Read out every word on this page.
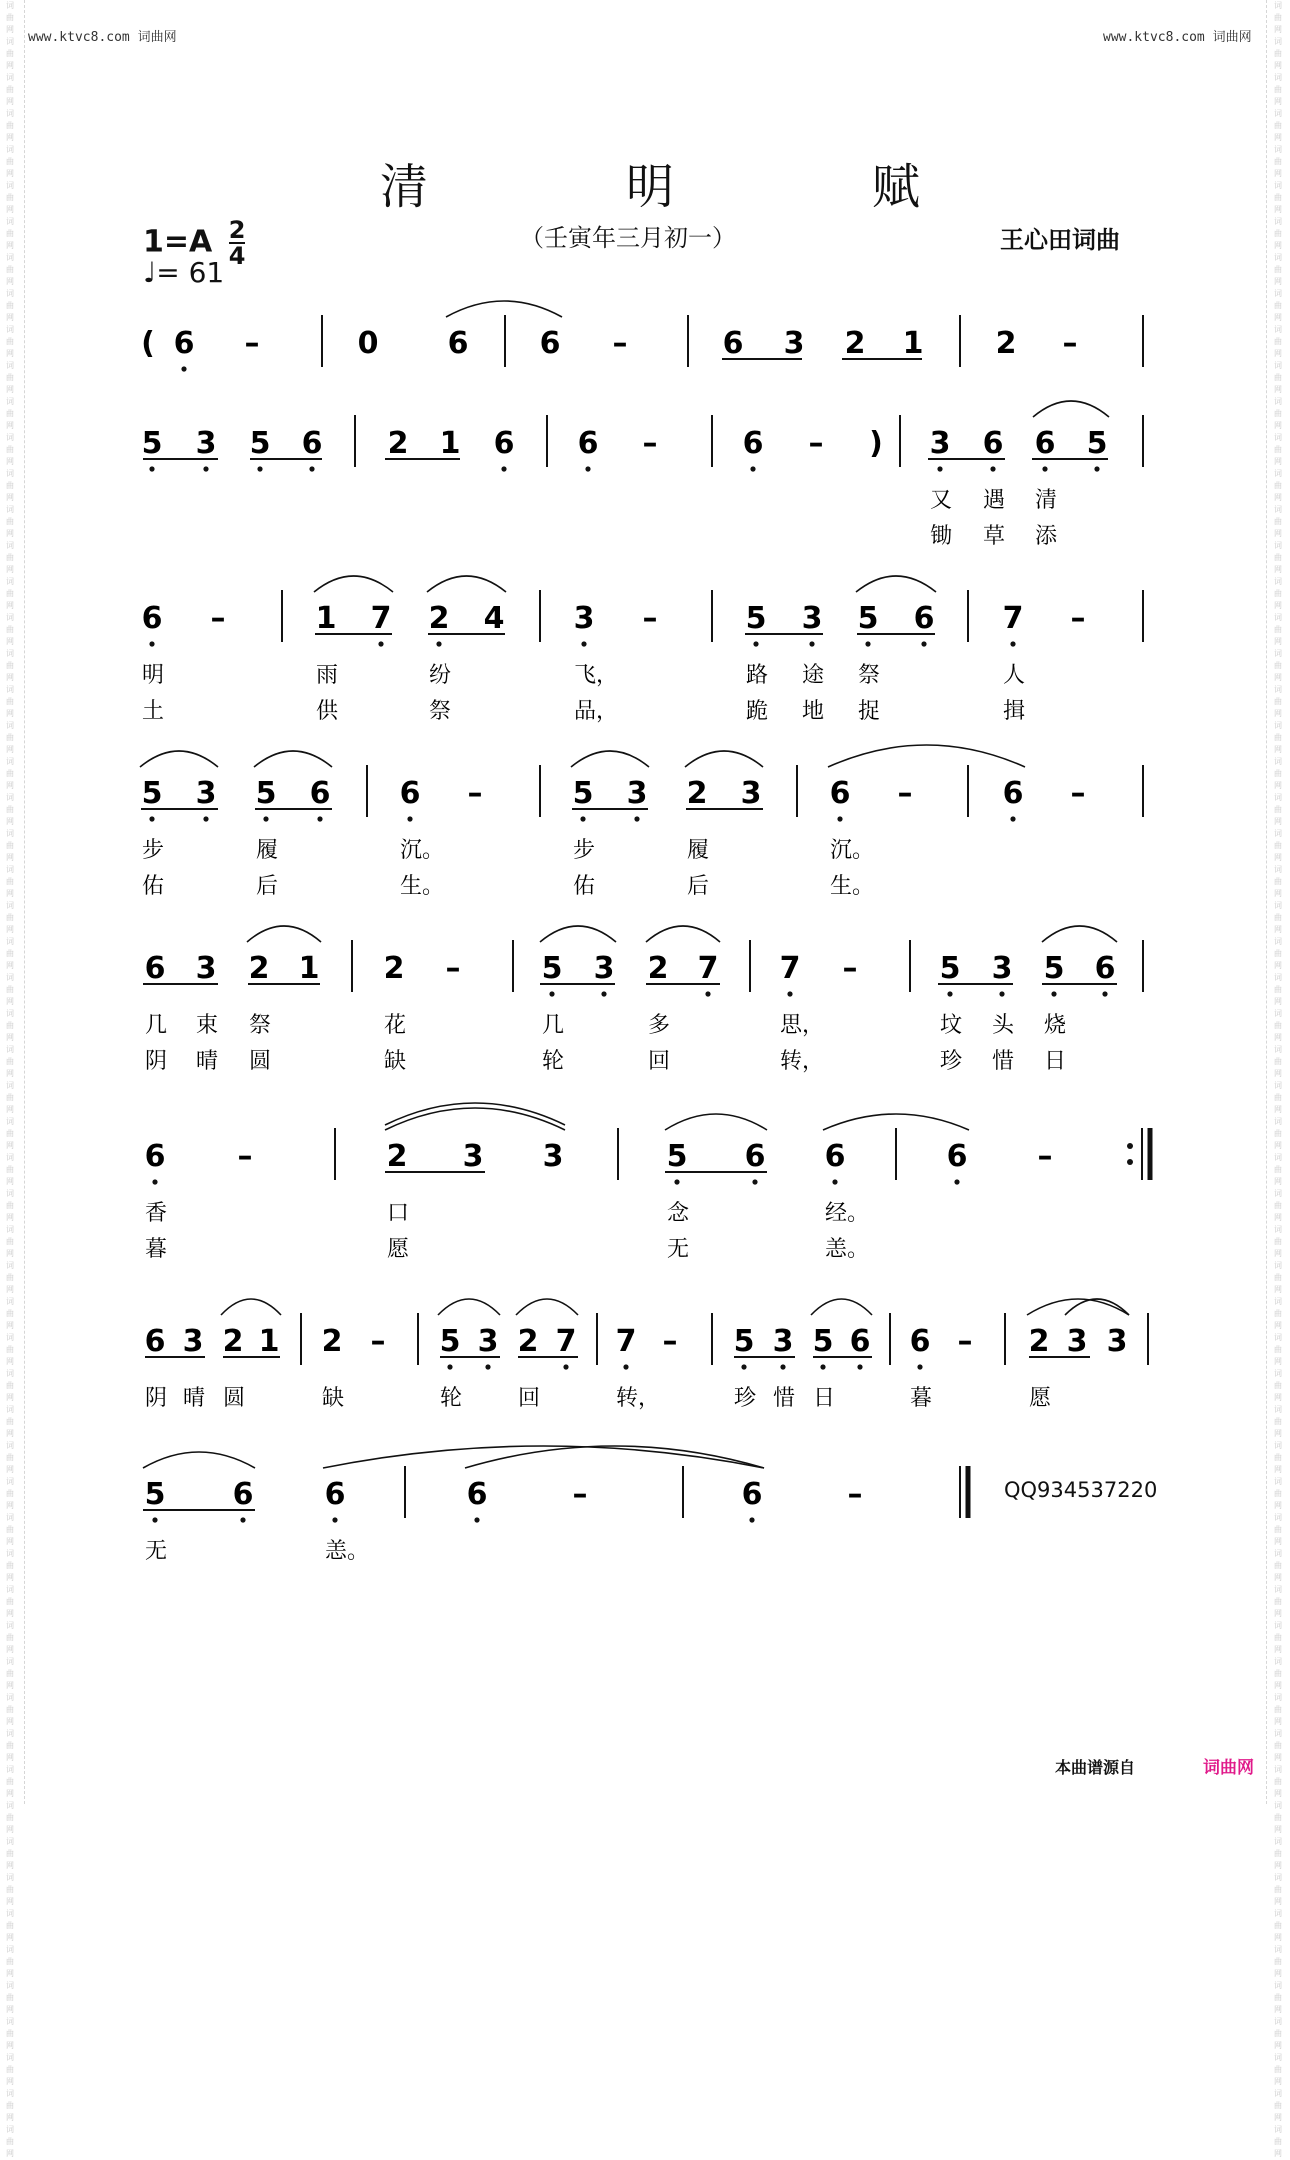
www.ktvc8.com 词曲网	www.ktvc8.com 词曲网
词曲网词曲网词曲网词曲网词曲网词曲网词曲网词曲网词曲网词曲网词曲网词曲网词曲网词曲网词曲网词曲网词曲网词曲网词曲网词曲网词曲网词曲网词曲网词曲网词曲网词曲网词曲网词曲网词曲网词曲网词曲网词曲网词曲网词曲网词曲网词曲网词曲网词曲网词曲网词曲网词曲网词曲网词曲网词曲网词曲网词曲网词曲网词曲网词曲网词曲网词曲网词曲网词曲网词曲网词曲网词曲网词曲网词曲网词曲网词曲网
词曲网词曲网词曲网词曲网词曲网词曲网词曲网词曲网词曲网词曲网词曲网词曲网词曲网词曲网词曲网词曲网词曲网词曲网词曲网词曲网词曲网词曲网词曲网词曲网词曲网词曲网词曲网词曲网词曲网词曲网词曲网词曲网词曲网词曲网词曲网词曲网词曲网词曲网词曲网词曲网词曲网词曲网词曲网词曲网词曲网词曲网词曲网词曲网词曲网词曲网词曲网词曲网词曲网词曲网词曲网词曲网词曲网词曲网词曲网词曲网
清	明	赋
（壬寅年三月初一）	王心田词曲
$1=A \frac{2}{4}$
♩= 61
( 6 –	0 6 6 –	6 3 2 1 2 –
5 3 5 6 2 1 6 6 –	6 – ) 3 6 6 5
又 遇 清
锄 草 添
6 –	1 7 2 4 3 –	5 3 5 6 7 –
明	雨	纷	飞，	路 途 祭	人
土	供	祭	品，	跪 地 捉	揖
5 3 5 6 6 –	5 3 2 3 6 –	6 –
步	履	沉。	步	履	沉。
佑	后	生。	佑	后	生。
6 3 2 1 2 –	5 3 2 7 7 –	5 3 5 6
几 束 祭	花	几	多	思，	坟 头 烧
阴 晴 圆	缺	轮	回	转，	珍 惜 日
6 –	2 3 3	5 6 6	6 –
香	口	念	经。
暮	愿	无	恙。
6 3 2 1 2 – 5 3 2 7 7 – 5 3 5 6 6 – 2 3 3
阴 晴 圆	缺	轮	回	转，	珍 惜 日	暮	愿
5 6 6	6	–	6	–
无	恙。
QQ934537220
本曲谱源自	词曲网
